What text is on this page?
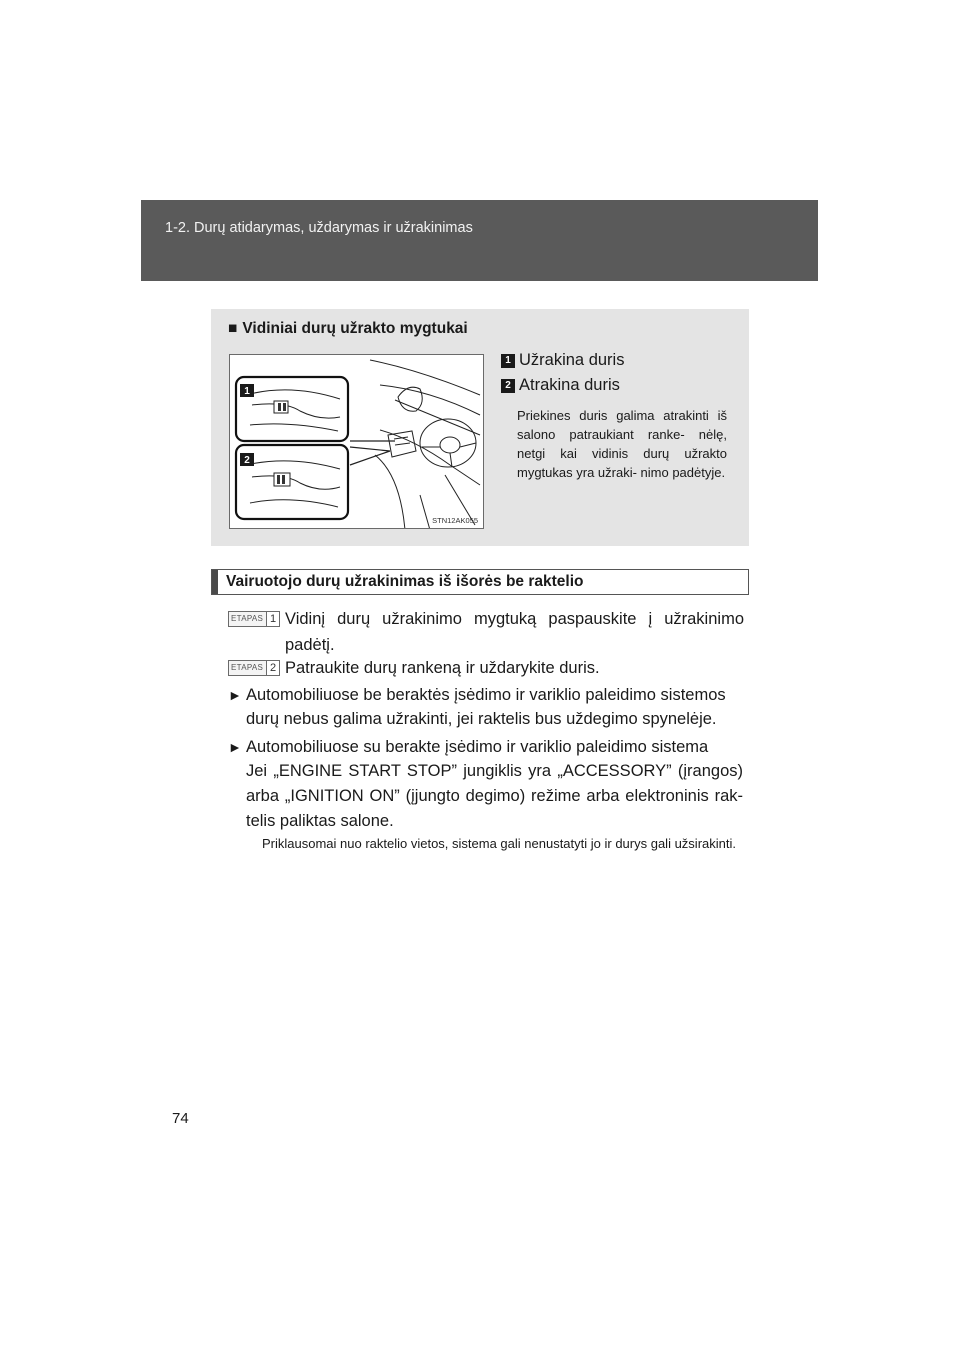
1-2. Durų atidarymas, uždarymas ir užrakinimas
■ Vidiniai durų užrakto mygtukai
1
2
STN12AK055
1 Užrakina duris
2 Atrakina duris
Priekines duris galima atrakinti iš salono patraukiant ranke- nėlę, netgi kai vidinis durų užrakto mygtukas yra užraki- nimo padėtyje.
Vairuotojo durų užrakinimas iš išorės be raktelio
ETAPAS 1 Vidinį durų užrakinimo mygtuką paspauskite į užrakinimo padėtį.
ETAPAS 2 Patraukite durų rankeną ir uždarykite duris.
► Automobiliuose be beraktės įsėdimo ir variklio paleidimo sistemos
durų nebus galima užrakinti, jei raktelis bus uždegimo spynelėje.
► Automobiliuose su berakte įsėdimo ir variklio paleidimo sistema
Jei „ENGINE START STOP” jungiklis yra „ACCESSORY” (įrangos) arba „IGNITION ON” (įjungto degimo) režime arba elektroninis rak- telis paliktas salone.
Priklausomai nuo raktelio vietos, sistema gali nenustatyti jo ir durys gali užsirakinti.
74
